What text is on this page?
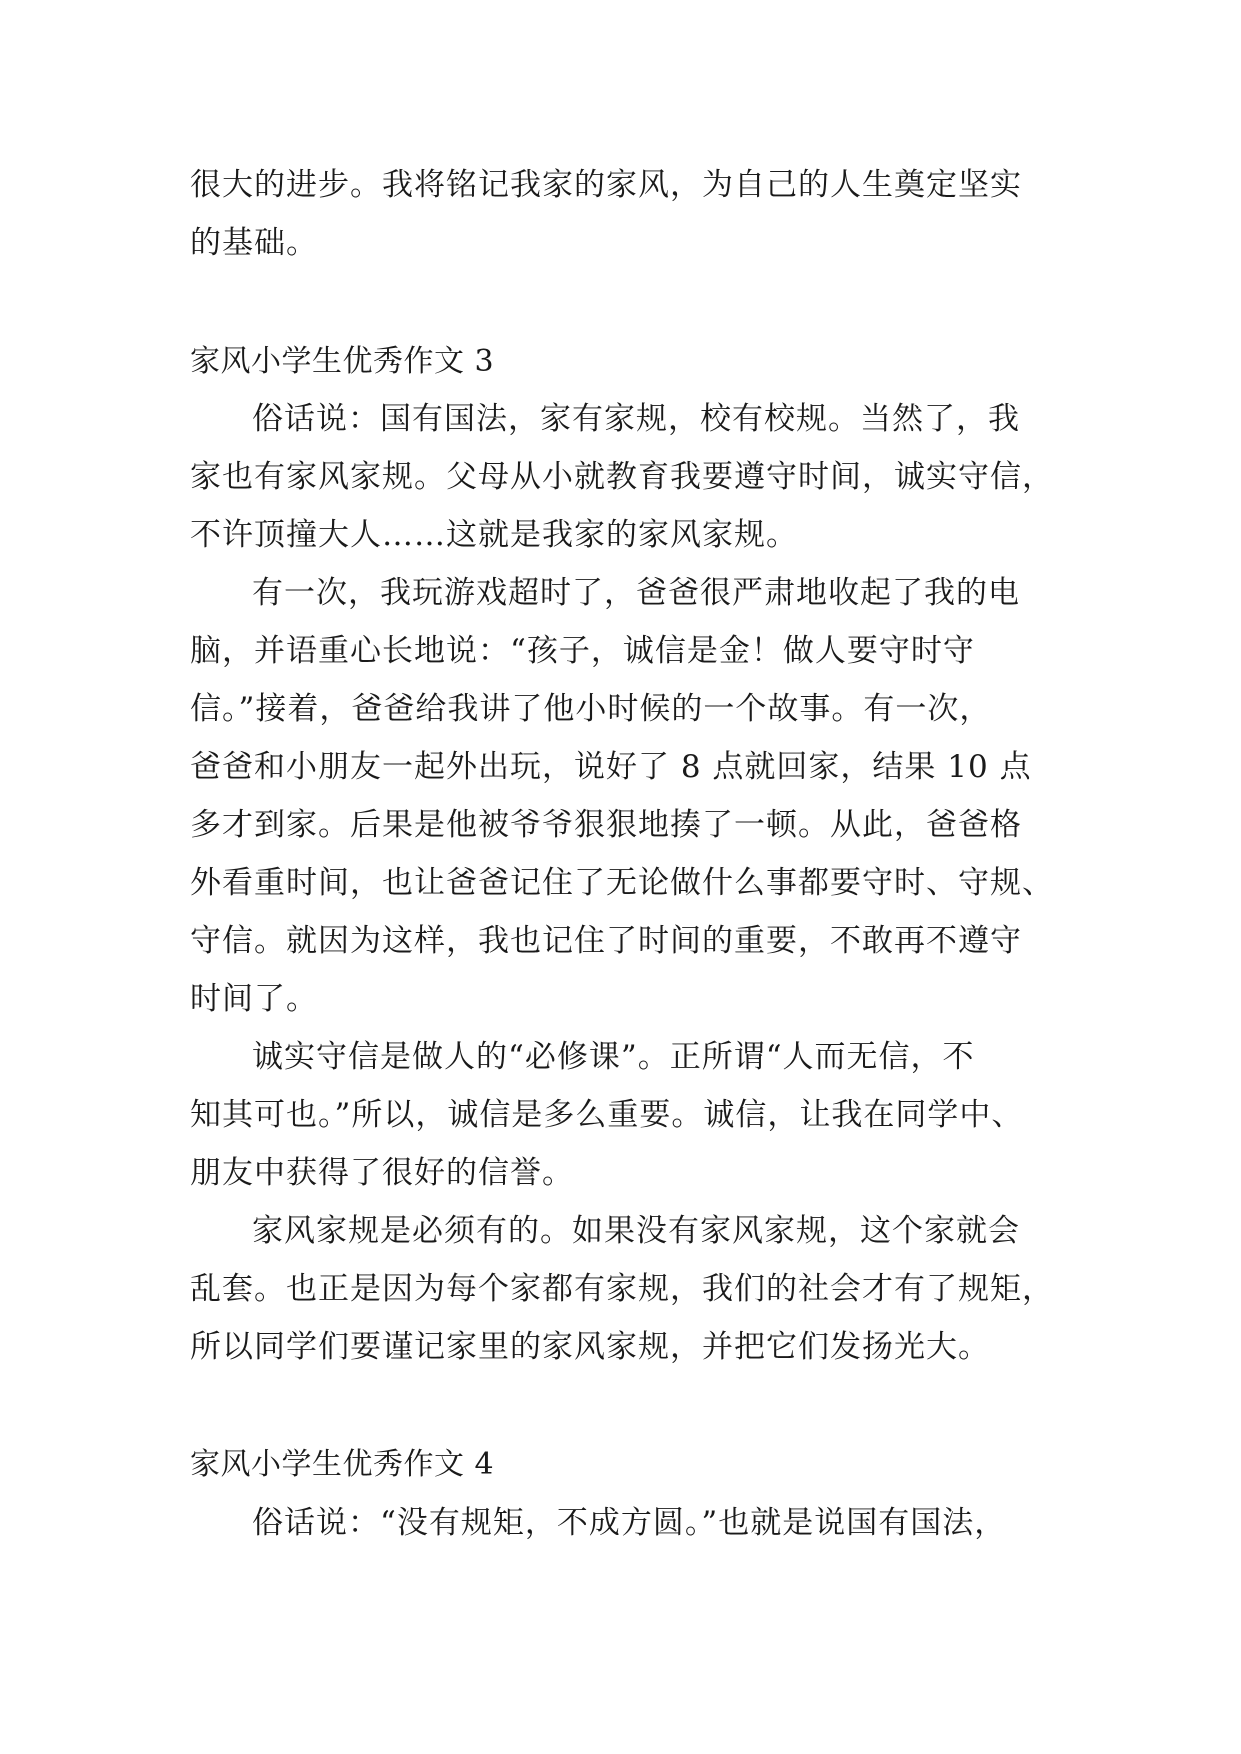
很大的进步。我将铭记我家的家风，为自己的人生奠定坚实
的基础。
家风小学生优秀作文 3
俗话说：国有国法，家有家规，校有校规。当然了，我
家也有家风家规。父母从小就教育我要遵守时间，诚实守信，
不许顶撞大人……这就是我家的家风家规。
有一次，我玩游戏超时了，爸爸很严肃地收起了我的电
脑，并语重心长地说：“孩子，诚信是金！做人要守时守
信。”接着，爸爸给我讲了他小时候的一个故事。有一次，
爸爸和小朋友一起外出玩，说好了 8 点就回家，结果 10 点
多才到家。后果是他被爷爷狠狠地揍了一顿。从此，爸爸格
外看重时间，也让爸爸记住了无论做什么事都要守时、守规、
守信。就因为这样，我也记住了时间的重要，不敢再不遵守
时间了。
诚实守信是做人的“必修课”。正所谓“人而无信，不
知其可也。”所以，诚信是多么重要。诚信，让我在同学中、
朋友中获得了很好的信誉。
家风家规是必须有的。如果没有家风家规，这个家就会
乱套。也正是因为每个家都有家规，我们的社会才有了规矩，
所以同学们要谨记家里的家风家规，并把它们发扬光大。
家风小学生优秀作文 4
俗话说：“没有规矩，不成方圆。”也就是说国有国法，
